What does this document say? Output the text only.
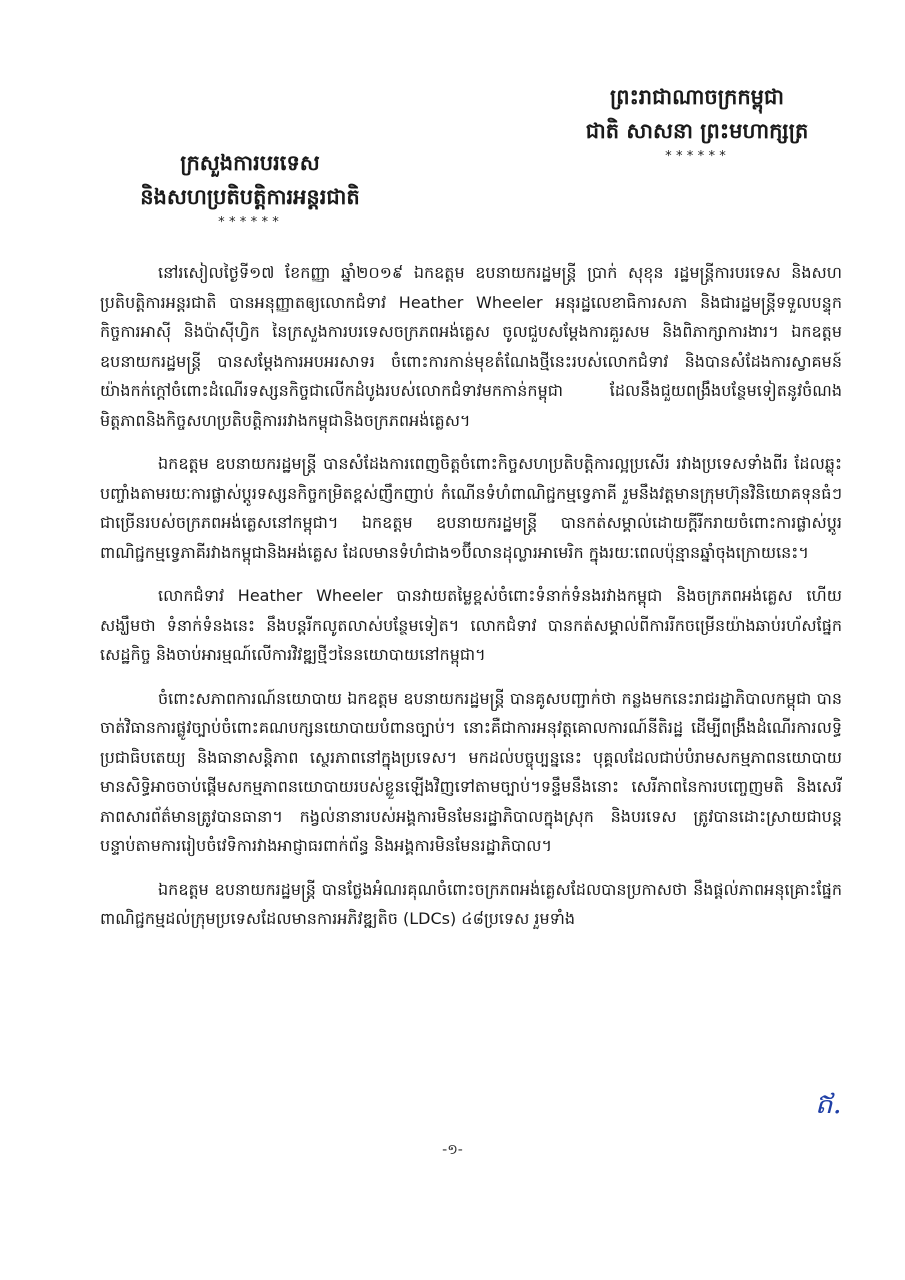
ព្រះរាជាណាចក្រកម្ពុជា
ជាតិ សាសនា ព្រះមហាក្សត្រ
******
ក្រសួងការបរទេស
និងសហប្រតិបត្តិការអន្តរជាតិ
******

នៅរសៀលថ្ងៃទី១៧ ខែកញ្ញា ឆ្នាំ២០១៩ ឯកឧត្តម ឧបនាយករដ្ឋមន្ត្រី ប្រាក់ សុខុន រដ្ឋមន្ត្រីការបរទេស និងសហប្រតិបត្តិការអន្តរជាតិ បានអនុញ្ញាតឲ្យលោកជំទាវ Heather Wheeler អនុរដ្ឋលេខាធិការសភា និងជារដ្ឋមន្ត្រីទទួលបន្ទុកកិច្ចការអាស៊ី និងប៉ាស៊ីហ្វិក នៃក្រសួងការបរទេសចក្រភពអង់គ្លេស ចូលជួបសម្តែងការគួរសម និងពិភាក្សាការងារ។ ឯកឧត្តម ឧបនាយករដ្ឋមន្ត្រី បានសម្តែងការអបអរសាទរ ចំពោះការកាន់មុខតំណែងថ្មីនេះរបស់លោកជំទាវ និងបានសំដែងការស្វាគមន៍យ៉ាងកក់ក្តៅចំពោះដំណើរទស្សនកិច្ចជាលើកដំបូងរបស់លោកជំទាវមកកាន់កម្ពុជា ដែលនឹងជួយពង្រឹងបន្ថែមទៀតនូវចំណងមិត្តភាពនិងកិច្ចសហប្រតិបត្តិការរវាងកម្ពុជានិងចក្រភពអង់គ្លេស។

ឯកឧត្តម ឧបនាយករដ្ឋមន្ត្រី បានសំដែងការពេញចិត្តចំពោះកិច្ចសហប្រតិបត្តិការល្អប្រសើរ រវាងប្រទេសទាំងពីរ ដែលឆ្លុះបញ្ចាំងតាមរយៈការផ្លាស់ប្តូរទស្សនកិច្ចកម្រិតខ្ពស់ញឹកញាប់ កំណើនទំហំពាណិជ្ជកម្មទ្វេភាគី រួមនឹងវត្តមានក្រុមហ៊ុនវិនិយោគទុនធំៗជាច្រើនរបស់ចក្រភពអង់គ្លេសនៅកម្ពុជា។ ឯកឧត្តម ឧបនាយករដ្ឋមន្ត្រី បានកត់សម្គាល់ដោយក្តីរីករាយចំពោះការផ្លាស់ប្តូរពាណិជ្ជកម្មទ្វេភាគីរវាងកម្ពុជានិងអង់គ្លេស ដែលមានទំហំជាង១ប៊ីលានដុល្លារអាមេរិក ក្នុងរយៈពេលប៉ុន្មានឆ្នាំចុងក្រោយនេះ។

លោកជំទាវ Heather Wheeler បានវាយតម្លៃខ្ពស់ចំពោះទំនាក់ទំនងរវាងកម្ពុជា និងចក្រភពអង់គ្លេស ហើយសង្ឃឹមថា ទំនាក់ទំនងនេះ នឹងបន្តរីកលូតលាស់បន្ថែមទៀត។ លោកជំទាវ បានកត់សម្គាល់ពីការរីកចម្រើនយ៉ាងឆាប់រហ័សផ្នែកសេដ្ឋកិច្ច និងចាប់អារម្មណ៍លើការវិវឌ្ឍថ្មីៗនៃនយោបាយនៅកម្ពុជា។

ចំពោះសភាពការណ៍នយោបាយ ឯកឧត្តម ឧបនាយករដ្ឋមន្ត្រី បានគូសបញ្ជាក់ថា កន្លងមកនេះរាជរដ្ឋាភិបាលកម្ពុជា បានចាត់វិធានការផ្លូវច្បាប់ចំពោះគណបក្សនយោបាយបំពានច្បាប់។ នោះគឺជាការអនុវត្តគោលការណ៍នីតិរដ្ឋ ដើម្បីពង្រឹងដំណើរការលទ្ធិប្រជាធិបតេយ្យ និងធានាសន្តិភាព ស្ថេរភាពនៅក្នុងប្រទេស។ មកដល់បច្ចុប្បន្ននេះ បុគ្គលដែលជាប់បំរាមសកម្មភាពនយោបាយមានសិទ្ធិអាចចាប់ផ្តើមសកម្មភាពនយោបាយរបស់ខ្លួនឡើងវិញទៅតាមច្បាប់។ទន្ទឹមនឹងនោះ សេរីភាពនៃការបញ្ចេញមតិ និងសេរីភាពសារព័ត៌មានត្រូវបានធានា។ កង្វល់នានារបស់អង្គការមិនមែនរដ្ឋាភិបាលក្នុងស្រុក និងបរទេស ត្រូវបានដោះស្រាយជាបន្តបន្ទាប់តាមការរៀបចំវេទិការវាងអាជ្ញាធរពាក់ព័ន្ធ និងអង្គការមិនមែនរដ្ឋាភិបាល។

ឯកឧត្តម ឧបនាយករដ្ឋមន្ត្រី បានថ្លែងអំណរគុណចំពោះចក្រភពអង់គ្លេសដែលបានប្រកាសថា នឹងផ្តល់ភាពអនុគ្រោះផ្នែកពាណិជ្ជកម្មដល់ក្រុមប្រទេសដែលមានការអភិវឌ្ឍតិច (LDCs) ៤៨ប្រទេស រួមទាំង

ឥ.
-១-
